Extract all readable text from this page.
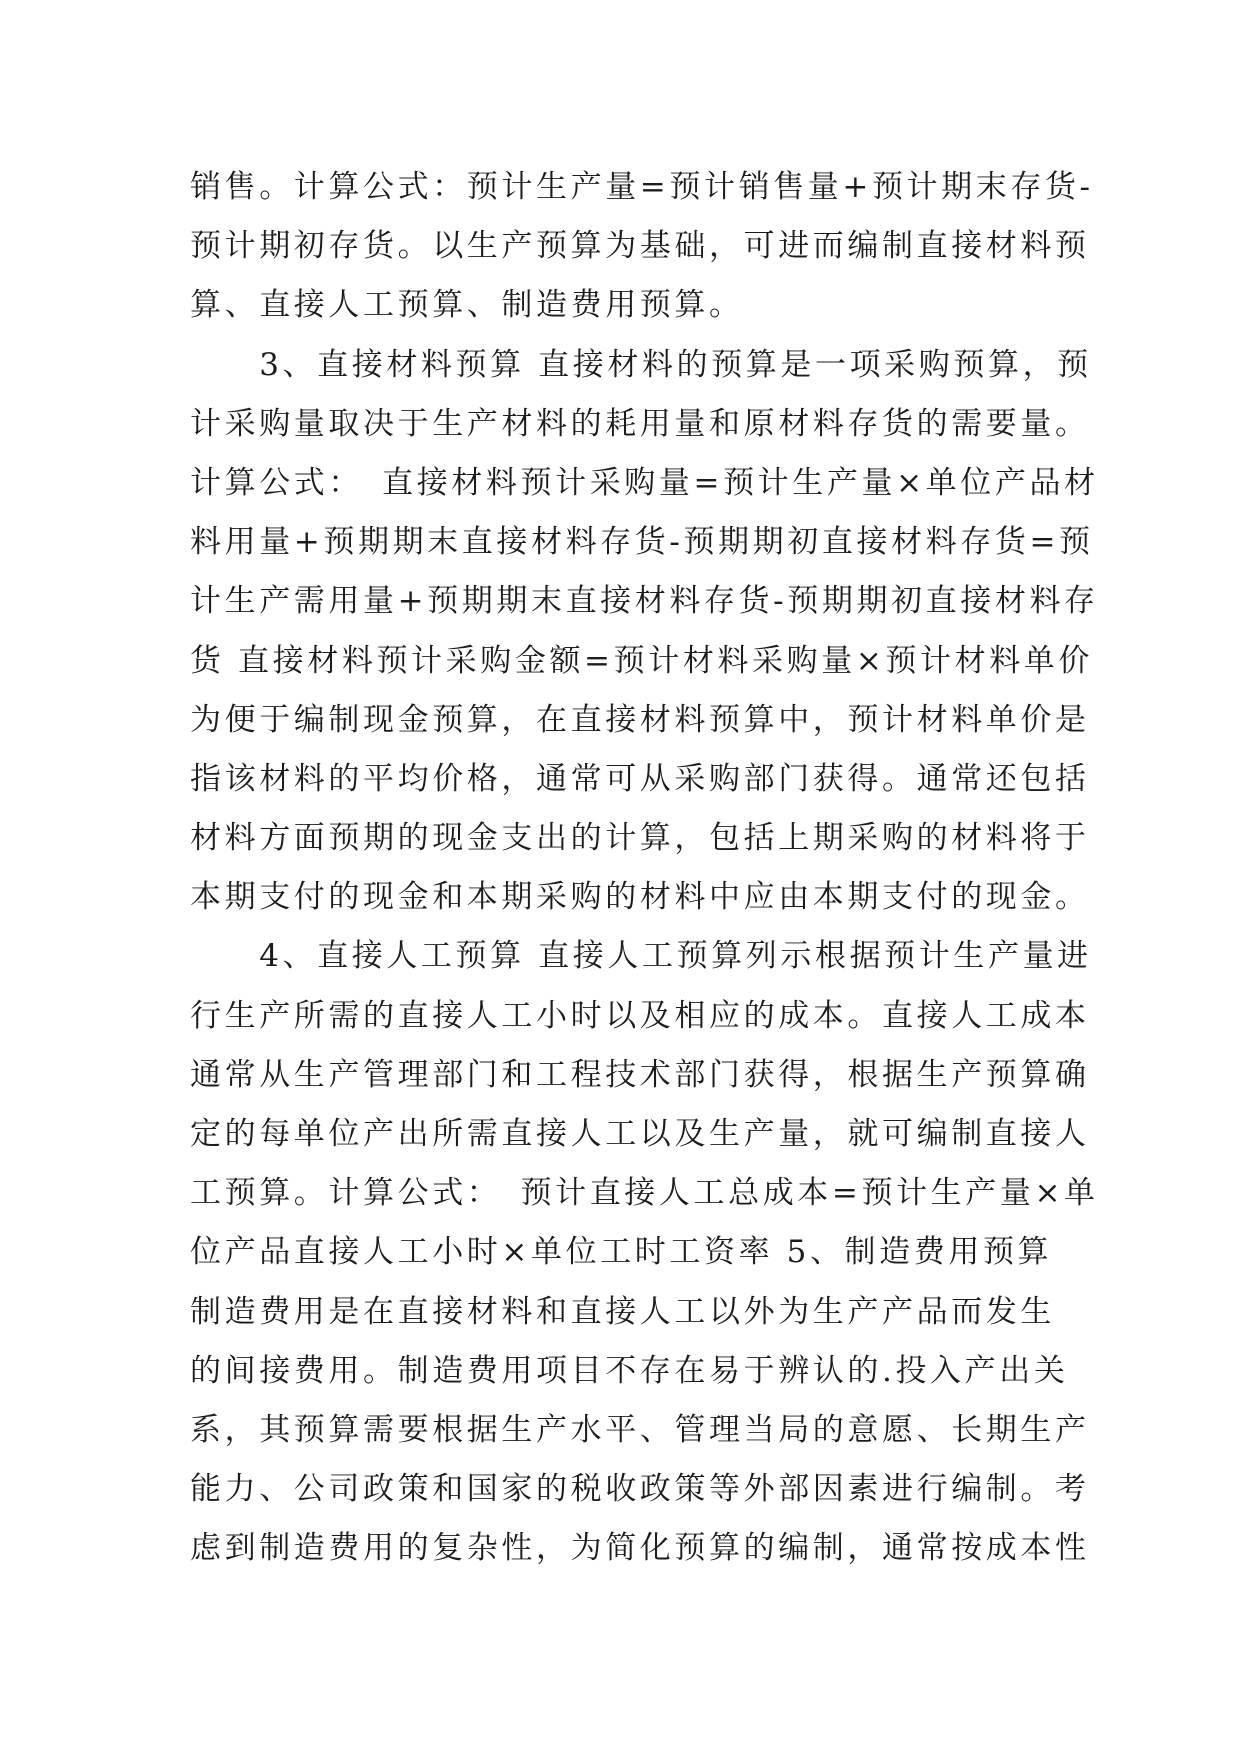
销售。计算公式：预计生产量=预计销售量+预计期末存货-
预计期初存货。以生产预算为基础，可进而编制直接材料预
算、直接人工预算、制造费用预算。
　　3、直接材料预算 直接材料的预算是一项采购预算，预
计采购量取决于生产材料的耗用量和原材料存货的需要量。
计算公式：　直接材料预计采购量=预计生产量×单位产品材
料用量+预期期末直接材料存货-预期期初直接材料存货=预
计生产需用量+预期期末直接材料存货-预期期初直接材料存
货 直接材料预计采购金额=预计材料采购量×预计材料单价
为便于编制现金预算，在直接材料预算中，预计材料单价是
指该材料的平均价格，通常可从采购部门获得。通常还包括
材料方面预期的现金支出的计算，包括上期采购的材料将于
本期支付的现金和本期采购的材料中应由本期支付的现金。
　　4、直接人工预算 直接人工预算列示根据预计生产量进
行生产所需的直接人工小时以及相应的成本。直接人工成本
通常从生产管理部门和工程技术部门获得，根据生产预算确
定的每单位产出所需直接人工以及生产量，就可编制直接人
工预算。计算公式：　预计直接人工总成本=预计生产量×单
位产品直接人工小时×单位工时工资率 5、制造费用预算
制造费用是在直接材料和直接人工以外为生产产品而发生
的间接费用。制造费用项目不存在易于辨认的.投入产出关
系，其预算需要根据生产水平、管理当局的意愿、长期生产
能力、公司政策和国家的税收政策等外部因素进行编制。考
虑到制造费用的复杂性，为简化预算的编制，通常按成本性
